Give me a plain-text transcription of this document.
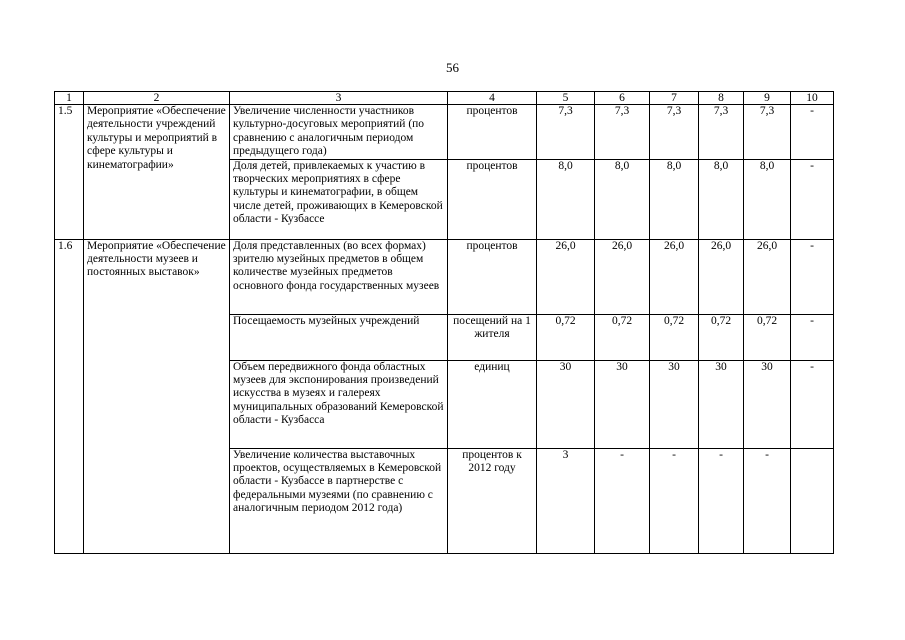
56
1	2	3	4	5	6	7	8	9	10
1.5	Мероприятие «Обеспечение деятельности учреждений культуры и мероприятий в сфере культуры и кинематографии»	Увеличение численности участников культурно-досуговых мероприятий (по сравнению с аналогичным периодом предыдущего года)	процентов	7,3	7,3	7,3	7,3	7,3	-
		Доля детей, привлекаемых к участию в творческих мероприятиях в сфере культуры и кинематографии, в общем числе детей, проживающих в Кемеровской области - Кузбассе	процентов	8,0	8,0	8,0	8,0	8,0	-
1.6	Мероприятие «Обеспечение деятельности музеев и постоянных выставок»	Доля представленных (во всех формах) зрителю музейных предметов в общем количестве музейных предметов основного фонда государственных музеев	процентов	26,0	26,0	26,0	26,0	26,0	-
		Посещаемость музейных учреждений	посещений на 1 жителя	0,72	0,72	0,72	0,72	0,72	-
		Объем передвижного фонда областных музеев для экспонирования произведений искусства в музеях и галереях муниципальных образований Кемеровской области - Кузбасса	единиц	30	30	30	30	30	-
		Увеличение количества выставочных проектов, осуществляемых в Кемеровской области - Кузбассе в партнерстве с федеральными музеями (по сравнению с аналогичным периодом 2012 года)	процентов к 2012 году	3	-	-	-	-	
